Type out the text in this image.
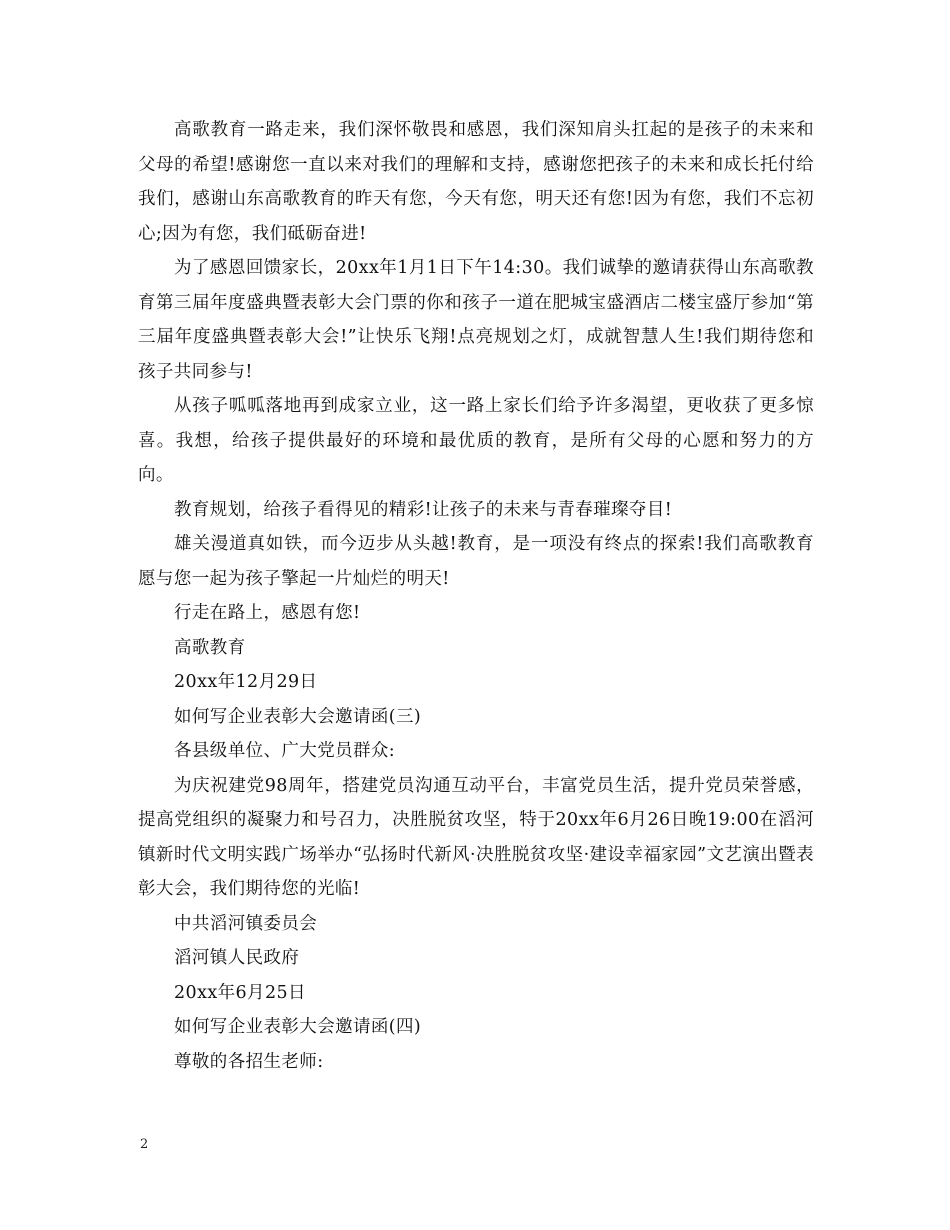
高歌教育一路走来，我们深怀敬畏和感恩，我们深知肩头扛起的是孩子的未来和父母的希望!感谢您一直以来对我们的理解和支持，感谢您把孩子的未来和成长托付给我们，感谢山东高歌教育的昨天有您，今天有您，明天还有您!因为有您，我们不忘初心;因为有您，我们砥砺奋进!

为了感恩回馈家长，20xx年1月1日下午14:30。我们诚挚的邀请获得山东高歌教育第三届年度盛典暨表彰大会门票的你和孩子一道在肥城宝盛酒店二楼宝盛厅参加“第三届年度盛典暨表彰大会!”让快乐飞翔!点亮规划之灯，成就智慧人生!我们期待您和孩子共同参与!

从孩子呱呱落地再到成家立业，这一路上家长们给予许多渴望，更收获了更多惊喜。我想，给孩子提供最好的环境和最优质的教育，是所有父母的心愿和努力的方向。

教育规划，给孩子看得见的精彩!让孩子的未来与青春璀璨夺目!

雄关漫道真如铁，而今迈步从头越!教育，是一项没有终点的探索!我们高歌教育愿与您一起为孩子擎起一片灿烂的明天!

行走在路上，感恩有您!

高歌教育

20xx年12月29日

如何写企业表彰大会邀请函(三)

各县级单位、广大党员群众:

为庆祝建党98周年，搭建党员沟通互动平台，丰富党员生活，提升党员荣誉感，提高党组织的凝聚力和号召力，决胜脱贫攻坚，特于20xx年6月26日晚19:00在滔河镇新时代文明实践广场举办“弘扬时代新风·决胜脱贫攻坚·建设幸福家园”文艺演出暨表彰大会，我们期待您的光临!

中共滔河镇委员会

滔河镇人民政府

20xx年6月25日

如何写企业表彰大会邀请函(四)

尊敬的各招生老师:

2
